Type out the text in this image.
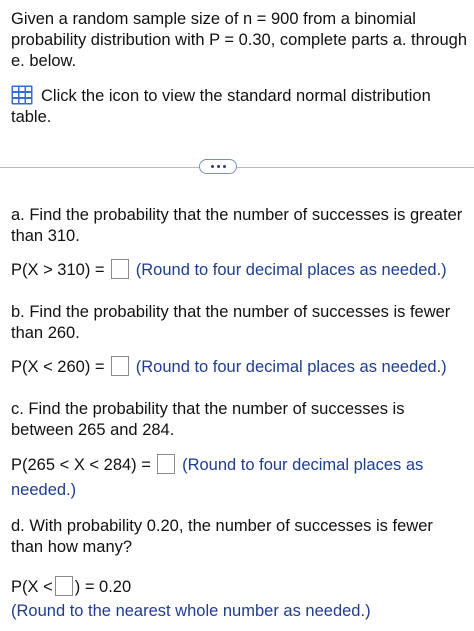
Given a random sample size of n = 900 from a binomial probability distribution with P = 0.30, complete parts a. through e. below.
Click the icon to view the standard normal distribution table.
a. Find the probability that the number of successes is greater than 310.
P(X > 310) = (Round to four decimal places as needed.)
b. Find the probability that the number of successes is fewer than 260.
P(X < 260) = (Round to four decimal places as needed.)
c. Find the probability that the number of successes is between 265 and 284.
P(265 < X < 284) = (Round to four decimal places as needed.)
d. With probability 0.20, the number of successes is fewer than how many?
P(X < ) = 0.20
(Round to the nearest whole number as needed.)
